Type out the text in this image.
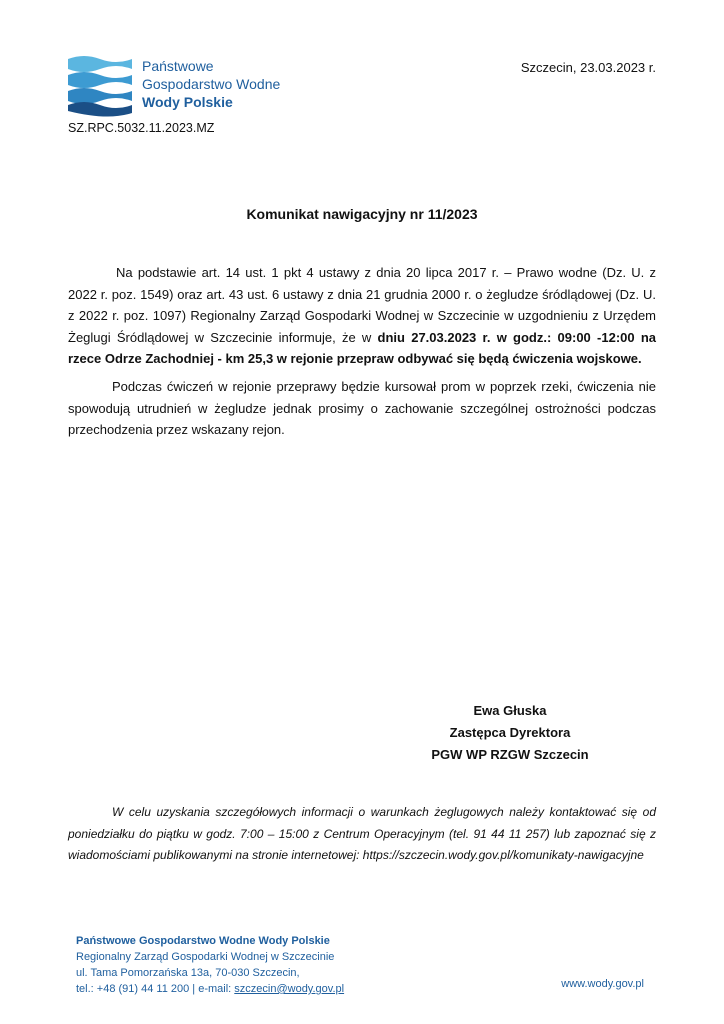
Państwowe
Gospodarstwo Wodne
Wody Polskie
Szczecin, 23.03.2023 r.
SZ.RPC.5032.11.2023.MZ
Komunikat nawigacyjny nr 11/2023
Na podstawie art. 14 ust. 1 pkt 4 ustawy z dnia 20 lipca 2017 r. – Prawo wodne (Dz. U. z 2022 r. poz. 1549) oraz art. 43 ust. 6 ustawy z dnia 21 grudnia 2000 r. o żegludze śródlądowej (Dz. U. z 2022 r. poz. 1097) Regionalny Zarząd Gospodarki Wodnej w Szczecinie w uzgodnieniu z Urzędem Żeglugi Śródlądowej w Szczecinie informuje, że w dniu 27.03.2023 r. w godz.: 09:00 -12:00 na rzece Odrze Zachodniej - km 25,3 w rejonie przepraw odbywać się będą ćwiczenia wojskowe.
Podczas ćwiczeń w rejonie przeprawy będzie kursował prom w poprzek rzeki, ćwiczenia nie spowodują utrudnień w żegludze jednak prosimy o zachowanie szczególnej ostrożności podczas przechodzenia przez wskazany rejon.
Ewa Głuska
Zastępca Dyrektora
PGW WP RZGW Szczecin
W celu uzyskania szczegółowych informacji o warunkach żeglugowych należy kontaktować się od poniedziałku do piątku w godz. 7:00 – 15:00 z Centrum Operacyjnym (tel. 91 44 11 257) lub zapoznać się z wiadomościami publikowanymi na stronie internetowej: https://szczecin.wody.gov.pl/komunikaty-nawigacyjne
Państwowe Gospodarstwo Wodne Wody Polskie
Regionalny Zarząd Gospodarki Wodnej w Szczecinie
ul. Tama Pomorzańska 13a, 70-030 Szczecin,
tel.: +48 (91) 44 11 200 | e-mail: szczecin@wody.gov.pl	www.wody.gov.pl
